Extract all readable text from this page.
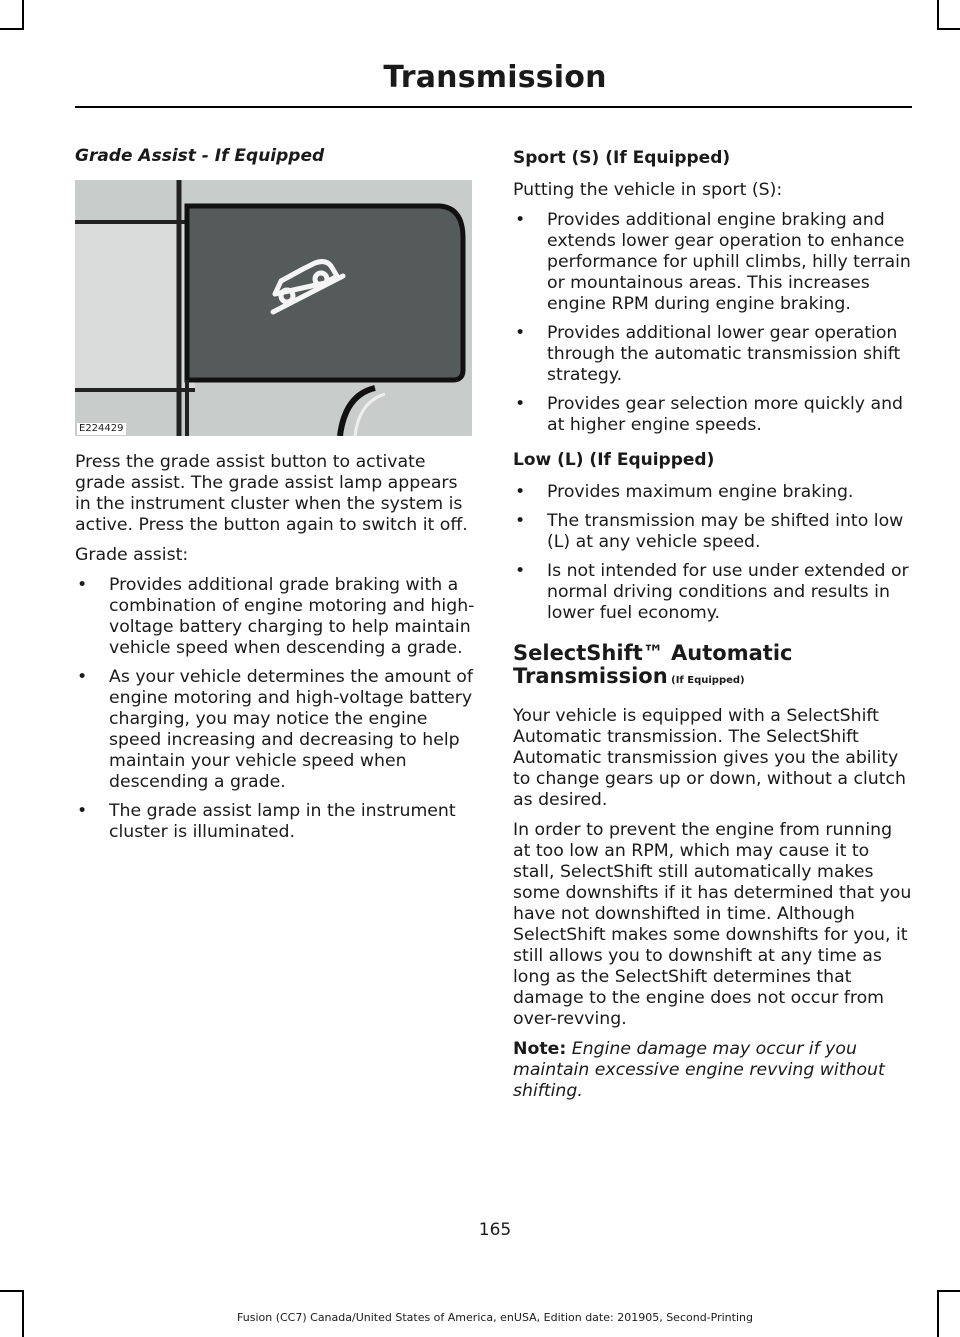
Transmission
Grade Assist - If Equipped
E224429

Press the grade assist button to activate grade assist. The grade assist lamp appears in the instrument cluster when the system is active. Press the button again to switch it off.

Grade assist:

• Provides additional grade braking with a combination of engine motoring and high-voltage battery charging to help maintain vehicle speed when descending a grade.
• As your vehicle determines the amount of engine motoring and high-voltage battery charging, you may notice the engine speed increasing and decreasing to help maintain your vehicle speed when descending a grade.
• The grade assist lamp in the instrument cluster is illuminated.
Sport (S) (If Equipped)

Putting the vehicle in sport (S):

• Provides additional engine braking and extends lower gear operation to enhance performance for uphill climbs, hilly terrain or mountainous areas. This increases engine RPM during engine braking.
• Provides additional lower gear operation through the automatic transmission shift strategy.
• Provides gear selection more quickly and at higher engine speeds.
Low (L) (If Equipped)
• Provides maximum engine braking.
• The transmission may be shifted into low (L) at any vehicle speed.
• Is not intended for use under extended or normal driving conditions and results in lower fuel economy.
SelectShift™ Automatic Transmission (If Equipped)

Your vehicle is equipped with a SelectShift Automatic transmission. The SelectShift Automatic transmission gives you the ability to change gears up or down, without a clutch as desired.

In order to prevent the engine from running at too low an RPM, which may cause it to stall, SelectShift still automatically makes some downshifts if it has determined that you have not downshifted in time. Although SelectShift makes some downshifts for you, it still allows you to downshift at any time as long as the SelectShift determines that damage to the engine does not occur from over-revving.

Note: Engine damage may occur if you maintain excessive engine revving without shifting.

165
Fusion (CC7) Canada/United States of America, enUSA, Edition date: 201905, Second-Printing
